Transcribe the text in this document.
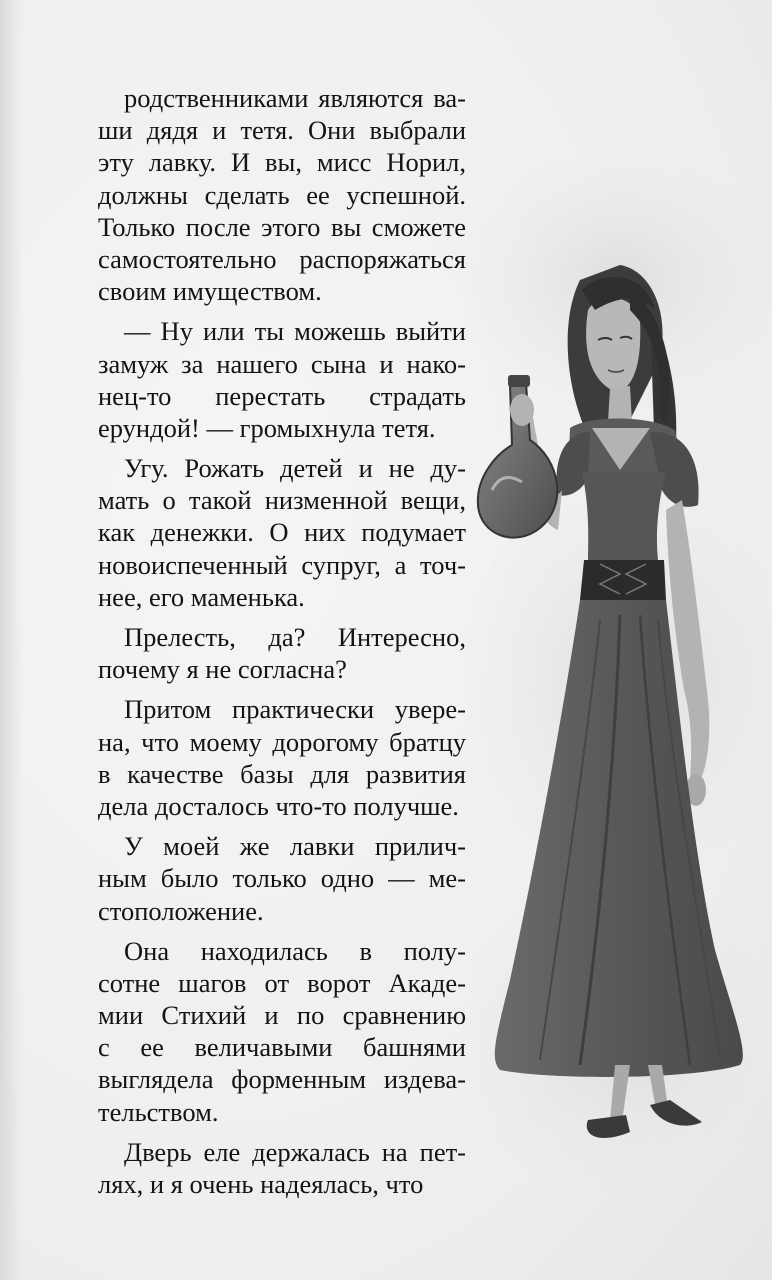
родственниками являются ва-
ши дядя и тетя. Они выбрали
эту лавку. И вы, мисс Норил,
должны сделать ее успешной.
Только после этого вы сможете
самостоятельно распоряжаться
своим имуществом.

— Ну или ты можешь выйти
замуж за нашего сына и нако-
нец-то перестать страдать
ерундой! — громыхнула тетя.

Угу. Рожать детей и не ду-
мать о такой низменной вещи,
как денежки. О них подумает
новоиспеченный супруг, а точ-
нее, его маменька.

Прелесть, да? Интересно,
почему я не согласна?

Притом практически увере-
на, что моему дорогому братцу
в качестве базы для развития
дела досталось что-то получше.

У моей же лавки прилич-
ным было только одно — ме-
стоположение.

Она находилась в полу-
сотне шагов от ворот Акаде-
мии Стихий и по сравнению
с ее величавыми башнями
выглядела форменным издева-
тельством.

Дверь еле держалась на пет-
лях, и я очень надеялась, что
